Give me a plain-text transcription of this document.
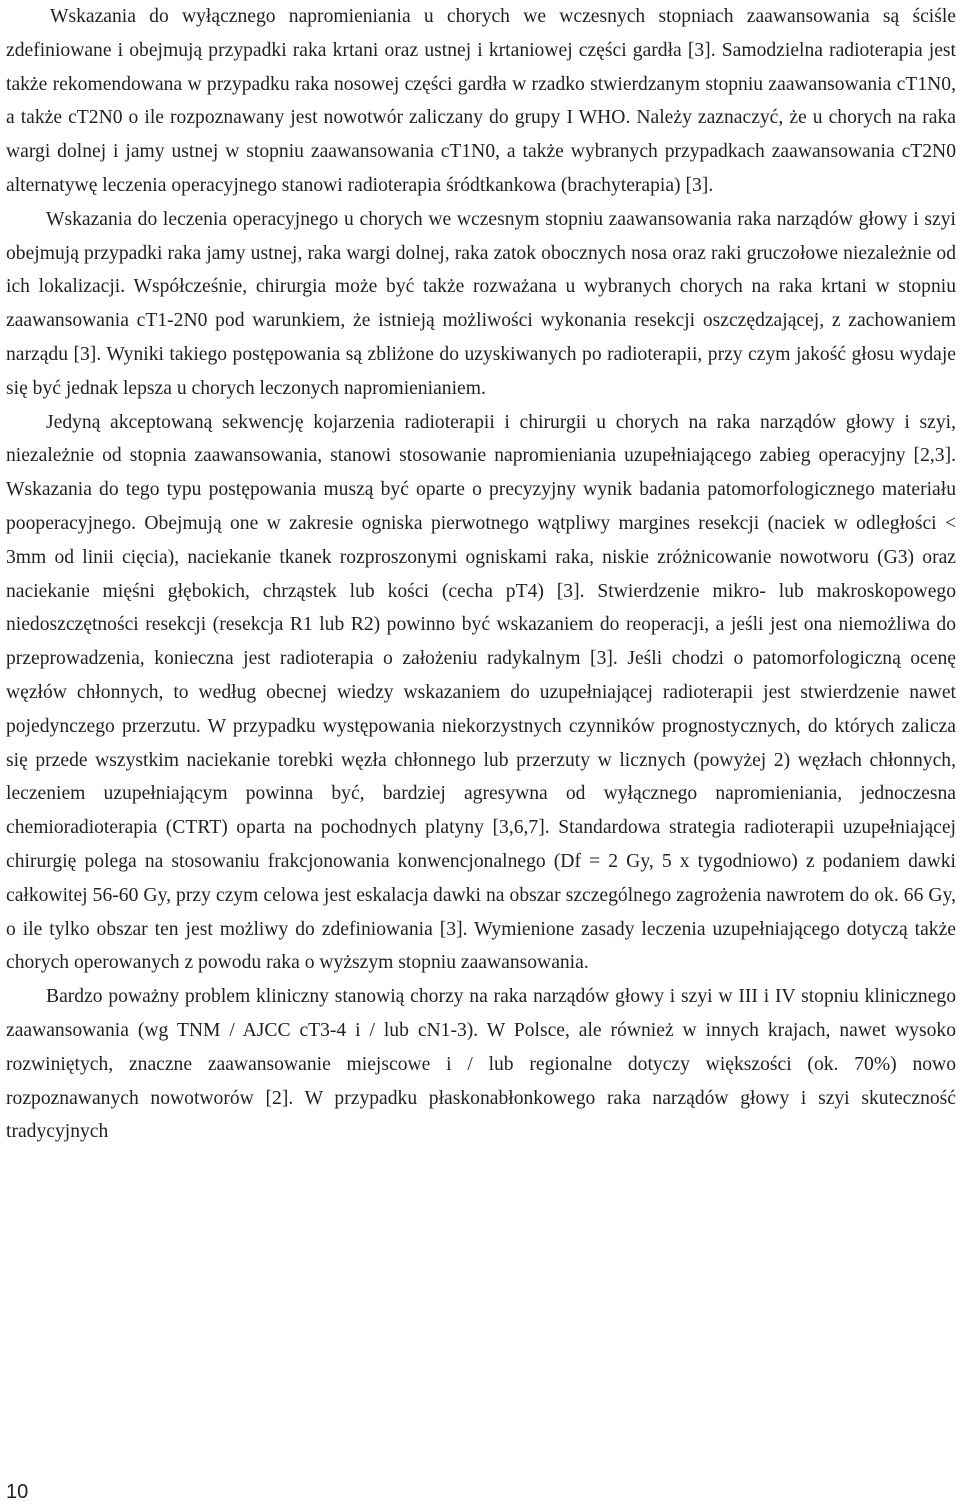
Wskazania do wyłącznego napromieniania u chorych we wczesnych stopniach zaawansowania są ściśle zdefiniowane i obejmują przypadki raka krtani oraz ustnej i krtaniowej części gardła [3]. Samodzielna radioterapia jest także rekomendowana w przypadku raka nosowej części gardła w rzadko stwierdzanym stopniu zaawansowania cT1N0, a także cT2N0 o ile rozpoznawany jest nowotwór zaliczany do grupy I WHO. Należy zaznaczyć, że u chorych na raka wargi dolnej i jamy ustnej w stopniu zaawansowania cT1N0, a także wybranych przypadkach zaawansowania cT2N0 alternatywę leczenia operacyjnego stanowi radioterapia śródtkankowa (brachyterapia) [3].

Wskazania do leczenia operacyjnego u chorych we wczesnym stopniu zaawansowania raka narządów głowy i szyi obejmują przypadki raka jamy ustnej, raka wargi dolnej, raka zatok obocznych nosa oraz raki gruczołowe niezależnie od ich lokalizacji. Współcześnie, chirurgia może być także rozważana u wybranych chorych na raka krtani w stopniu zaawansowania cT1-2N0 pod warunkiem, że istnieją możliwości wykonania resekcji oszczędzającej, z zachowaniem narządu [3]. Wyniki takiego postępowania są zbliżone do uzyskiwanych po radioterapii, przy czym jakość głosu wydaje się być jednak lepsza u chorych leczonych napromienianiem.

Jedyną akceptowaną sekwencję kojarzenia radioterapii i chirurgii u chorych na raka narządów głowy i szyi, niezależnie od stopnia zaawansowania, stanowi stosowanie napromieniania uzupełniającego zabieg operacyjny [2,3]. Wskazania do tego typu postępowania muszą być oparte o precyzyjny wynik badania patomorfologicznego materiału pooperacyjnego. Obejmują one w zakresie ogniska pierwotnego wątpliwy margines resekcji (naciek w odległości < 3mm od linii cięcia), naciekanie tkanek rozproszonymi ogniskami raka, niskie zróżnicowanie nowotworu (G3) oraz naciekanie mięśni głębokich, chrząstek lub kości (cecha pT4) [3]. Stwierdzenie mikro- lub makroskopowego niedoszczętności resekcji (resekcja R1 lub R2) powinno być wskazaniem do reoperacji, a jeśli jest ona niemożliwa do przeprowadzenia, konieczna jest radioterapia o założeniu radykalnym [3]. Jeśli chodzi o patomorfologiczną ocenę węzłów chłonnych, to według obecnej wiedzy wskazaniem do uzupełniającej radioterapii jest stwierdzenie nawet pojedynczego przerzutu. W przypadku występowania niekorzystnych czynników prognostycznych, do których zalicza się przede wszystkim naciekanie torebki węzła chłonnego lub przerzuty w licznych (powyżej 2) węzłach chłonnych, leczeniem uzupełniającym powinna być, bardziej agresywna od wyłącznego napromieniania, jednoczesna chemioradioterapia (CTRT) oparta na pochodnych platyny [3,6,7]. Standardowa strategia radioterapii uzupełniającej chirurgię polega na stosowaniu frakcjonowania konwencjonalnego (Df = 2 Gy, 5 x tygodniowo) z podaniem dawki całkowitej 56-60 Gy, przy czym celowa jest eskalacja dawki na obszar szczególnego zagrożenia nawrotem do ok. 66 Gy, o ile tylko obszar ten jest możliwy do zdefiniowania [3]. Wymienione zasady leczenia uzupełniającego dotyczą także chorych operowanych z powodu raka o wyższym stopniu zaawansowania.

Bardzo poważny problem kliniczny stanowią chorzy na raka narządów głowy i szyi w III i IV stopniu klinicznego zaawansowania (wg TNM / AJCC cT3-4 i / lub cN1-3). W Polsce, ale również w innych krajach, nawet wysoko rozwiniętych, znaczne zaawansowanie miejscowe i / lub regionalne dotyczy większości (ok. 70%) nowo rozpoznawanych nowotworów [2]. W przypadku płaskonabłonkowego raka narządów głowy i szyi skuteczność tradycyjnych

10
